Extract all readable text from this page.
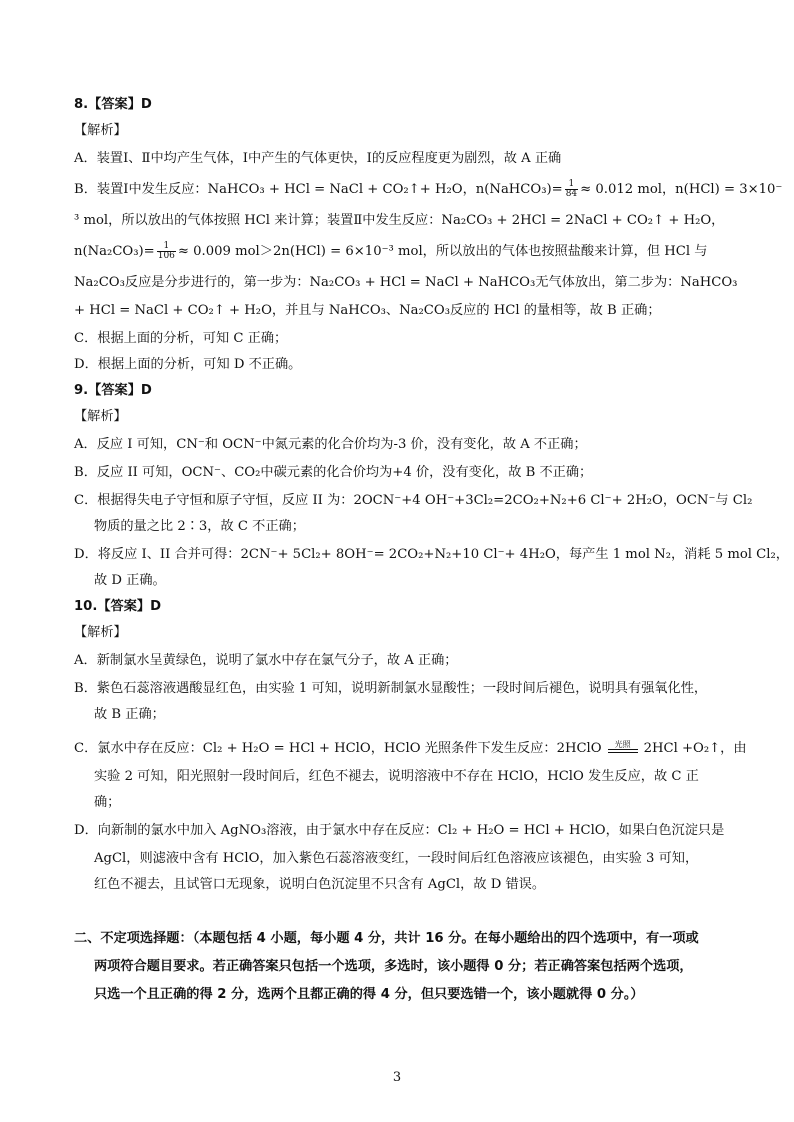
8.【答案】D
【解析】
A．装置Ⅰ、Ⅱ中均产生气体，Ⅰ中产生的气体更快，Ⅰ的反应程度更为剧烈，故 A 正确
B．装置Ⅰ中发生反应：NaHCO₃ + HCl = NaCl + CO₂↑+ H₂O，n(NaHCO₃)= $\frac{1}{84} \approx 0.012$ mol，n(HCl) = 3×10⁻
³ mol，所以放出的气体按照 HCl 来计算；装置Ⅱ中发生反应：Na₂CO₃ + 2HCl = 2NaCl + CO₂↑ + H₂O，
$n(Na_2CO_3)= \frac{1}{106} \approx 0.009$ mol＞2n(HCl) = 6×10⁻³ mol，所以放出的气体也按照盐酸来计算，但 HCl 与
Na₂CO₃反应是分步进行的，第一步为：Na₂CO₃ + HCl = NaCl + NaHCO₃无气体放出，第二步为：NaHCO₃
+ HCl = NaCl + CO₂↑ + H₂O，并且与 NaHCO₃、Na₂CO₃反应的 HCl 的量相等，故 B 正确；
C．根据上面的分析，可知 C 正确；
D．根据上面的分析，可知 D 不正确。
9.【答案】D
【解析】
A．反应 I 可知，CN⁻和 OCN⁻中氮元素的化合价均为-3 价，没有变化，故 A 不正确；
B．反应 II 可知，OCN⁻、CO₂中碳元素的化合价均为+4 价，没有变化，故 B 不正确；
C．根据得失电子守恒和原子守恒，反应 II 为：2OCN⁻+4 OH⁻+3Cl₂=2CO₂+N₂+6 Cl⁻+ 2H₂O，OCN⁻与 Cl₂
物质的量之比 2∶3，故 C 不正确；
D．将反应 I、II 合并可得：2CN⁻+ 5Cl₂+ 8OH⁻= 2CO₂+N₂+10 Cl⁻+ 4H₂O，每产生 1 mol N₂，消耗 5 mol Cl₂，
故 D 正确。
10.【答案】D
【解析】
A．新制氯水呈黄绿色，说明了氯水中存在氯气分子，故 A 正确；
B．紫色石蕊溶液遇酸显红色，由实验 1 可知，说明新制氯水显酸性；一段时间后褪色，说明具有强氧化性，
故 B 正确；
C．氯水中存在反应：Cl₂ + H₂O = HCl + HClO，HClO 光照条件下发生反应：2HClO	光照 2HCl +O₂↑，由
实验 2 可知，阳光照射一段时间后，红色不褪去，说明溶液中不存在 HClO，HClO 发生反应，故 C 正
确；
D．向新制的氯水中加入 AgNO₃溶液，由于氯水中存在反应：Cl₂ + H₂O = HCl + HClO，如果白色沉淀只是
AgCl，则滤液中含有 HClO，加入紫色石蕊溶液变红，一段时间后红色溶液应该褪色，由实验 3 可知，
红色不褪去，且试管口无现象，说明白色沉淀里不只含有 AgCl，故 D 错误。
二、不定项选择题：（本题包括 4 小题，每小题 4 分，共计 16 分。在每小题给出的四个选项中，有一项或
两项符合题目要求。若正确答案只包括一个选项，多选时，该小题得 0 分；若正确答案包括两个选项，
只选一个且正确的得 2 分，选两个且都正确的得 4 分，但只要选错一个，该小题就得 0 分。）
3
